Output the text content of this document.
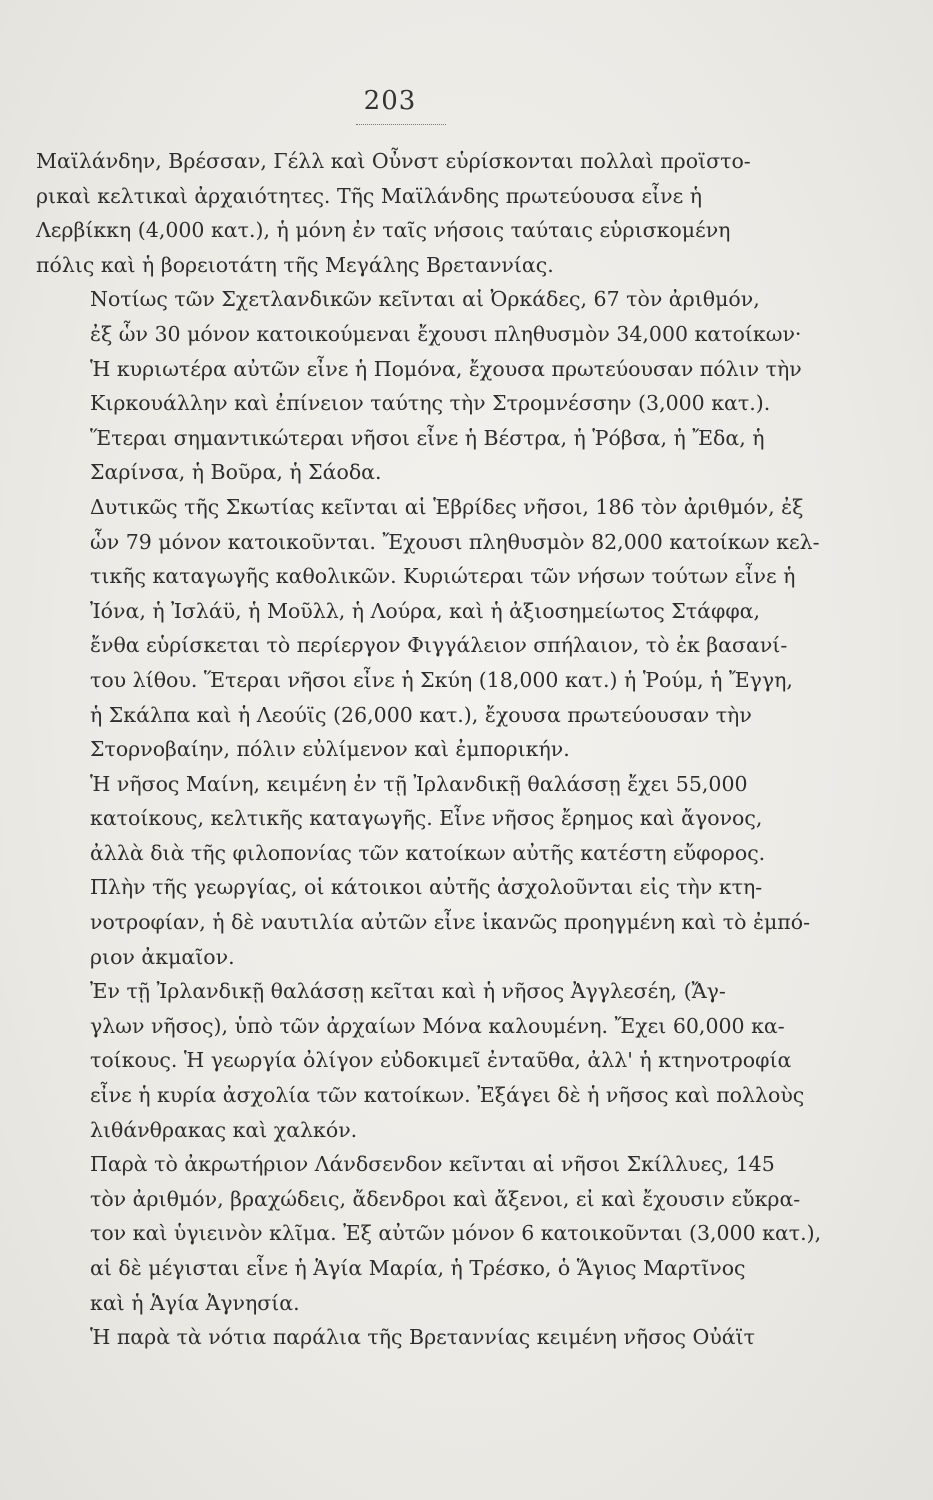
203

Μαϊλάνδην, Βρέσσαν, Γέλλ καὶ Οὖνστ εὑρίσκονται πολλαὶ προϊστο-
ρικαὶ κελτικαὶ ἀρχαιότητες. Τῆς Μαϊλάνδης πρωτεύουσα εἶνε ἡ
Λερβίκκη (4,000 κατ.), ἡ μόνη ἐν ταῖς νήσοις ταύταις εὑρισκομένη
πόλις καὶ ἡ βορειοτάτη τῆς Μεγάλης Βρεταννίας.

Νοτίως τῶν Σχετλανδικῶν κεῖνται αἱ Ὀρκάδες, 67 τὸν ἀριθμόν,
ἐξ ὧν 30 μόνον κατοικούμεναι ἔχουσι πληθυσμὸν 34,000 κατοίκων·
Ἡ κυριωτέρα αὐτῶν εἶνε ἡ Πομόνα, ἔχουσα πρωτεύουσαν πόλιν τὴν
Κιρκουάλλην καὶ ἐπίνειον ταύτης τὴν Στρομνέσσην (3,000 κατ.).
Ἕτεραι σημαντικώτεραι νῆσοι εἶνε ἡ Βέστρα, ἡ Ῥόβσα, ἡ Ἔδα, ἡ
Σαρίνσα, ἡ Βοῦρα, ἡ Σάοδα.

Δυτικῶς τῆς Σκωτίας κεῖνται αἱ Ἑβρίδες νῆσοι, 186 τὸν ἀριθμόν, ἐξ
ὧν 79 μόνον κατοικοῦνται. Ἔχουσι πληθυσμὸν 82,000 κατοίκων κελ-
τικῆς καταγωγῆς καθολικῶν. Κυριώτεραι τῶν νήσων τούτων εἶνε ἡ
Ἰόνα, ἡ Ἰσλάϋ, ἡ Μοῦλλ, ἡ Λούρα, καὶ ἡ ἀξιοσημείωτος Στάφφα,
ἔνθα εὑρίσκεται τὸ περίεργον Φιγγάλειον σπήλαιον, τὸ ἐκ βασανί-
του λίθου. Ἕτεραι νῆσοι εἶνε ἡ Σκύη (18,000 κατ.) ἡ Ῥούμ, ἡ Ἔγγη,
ἡ Σκάλπα καὶ ἡ Λεούϊς (26,000 κατ.), ἔχουσα πρωτεύουσαν τὴν
Στορνοβαίην, πόλιν εὐλίμενον καὶ ἐμπορικήν.

Ἡ νῆσος Μαίνη, κειμένη ἐν τῇ Ἰρλανδικῇ θαλάσσῃ ἔχει 55,000
κατοίκους, κελτικῆς καταγωγῆς. Εἶνε νῆσος ἔρημος καὶ ἄγονος,
ἀλλὰ διὰ τῆς φιλοπονίας τῶν κατοίκων αὐτῆς κατέστη εὔφορος.

Πλὴν τῆς γεωργίας, οἱ κάτοικοι αὐτῆς ἀσχολοῦνται εἰς τὴν κτη-
νοτροφίαν, ἡ δὲ ναυτιλία αὐτῶν εἶνε ἱκανῶς προηγμένη καὶ τὸ ἐμπό-
ριον ἀκμαῖον.

Ἐν τῇ Ἰρλανδικῇ θαλάσσῃ κεῖται καὶ ἡ νῆσος Ἀγγλεσέη, (Ἄγ-
γλων νῆσος), ὑπὸ τῶν ἀρχαίων Μόνα καλουμένη. Ἔχει 60,000 κα-
τοίκους. Ἡ γεωργία ὀλίγον εὐδοκιμεῖ ἐνταῦθα, ἀλλ' ἡ κτηνοτροφία
εἶνε ἡ κυρία ἀσχολία τῶν κατοίκων. Ἐξάγει δὲ ἡ νῆσος καὶ πολλοὺς
λιθάνθρακας καὶ χαλκόν.

Παρὰ τὸ ἀκρωτήριον Λάνδσενδον κεῖνται αἱ νῆσοι Σκίλλυες, 145
τὸν ἀριθμόν, βραχώδεις, ἄδενδροι καὶ ἄξενοι, εἰ καὶ ἔχουσιν εὔκρα-
τον καὶ ὑγιεινὸν κλῖμα. Ἐξ αὐτῶν μόνον 6 κατοικοῦνται (3,000 κατ.),
αἱ δὲ μέγισται εἶνε ἡ Ἁγία Μαρία, ἡ Τρέσκο, ὁ Ἅγιος Μαρτῖνος
καὶ ἡ Ἁγία Ἀγνησία.

Ἡ παρὰ τὰ νότια παράλια τῆς Βρεταννίας κειμένη νῆσος Οὐάϊτ
